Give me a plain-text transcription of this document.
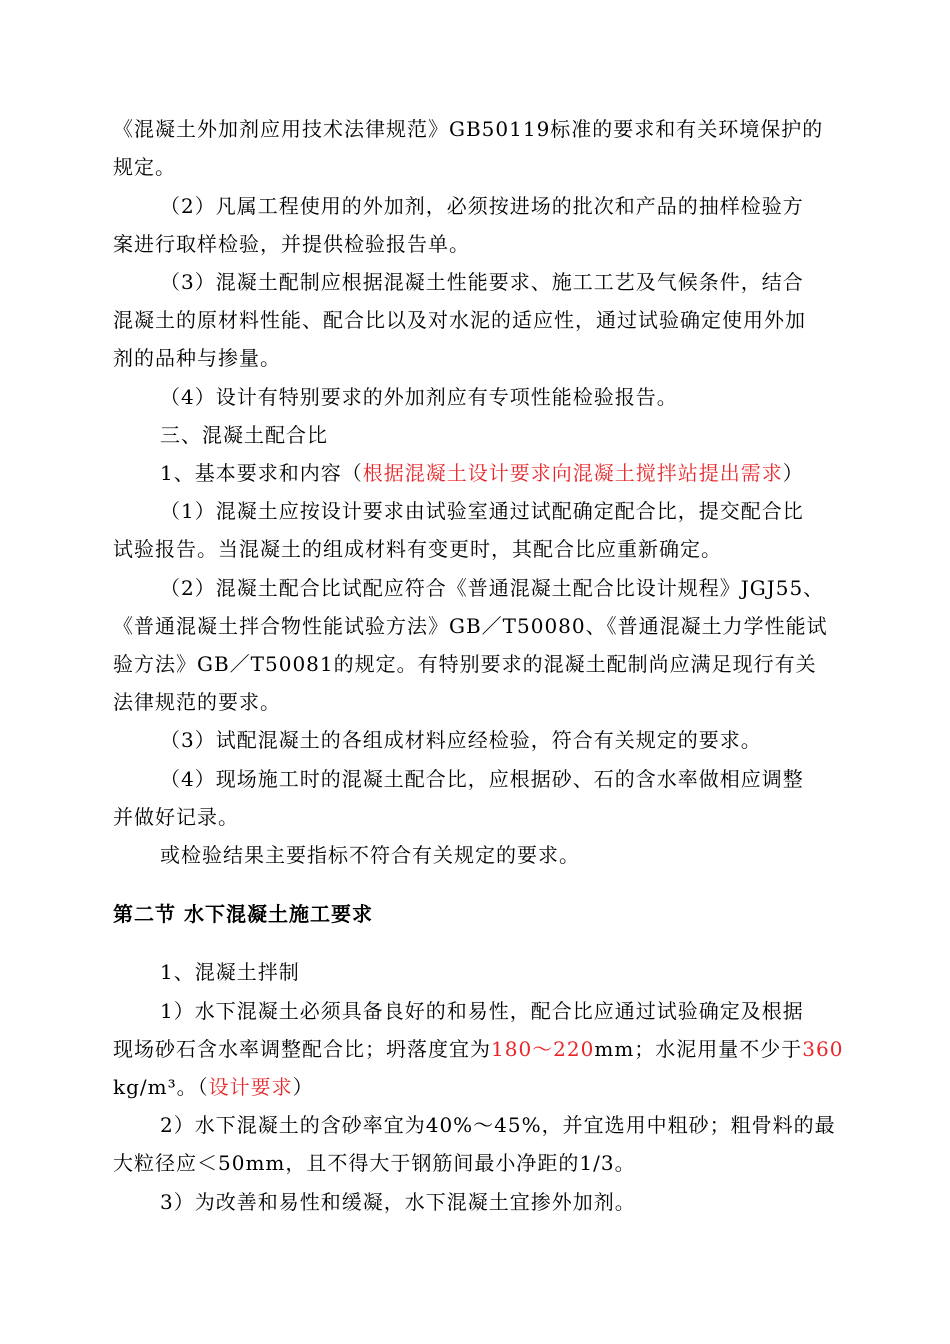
《混凝土外加剂应用技术法律规范》GB50119标准的要求和有关环境保护的
规定。
（2）凡属工程使用的外加剂，必须按进场的批次和产品的抽样检验方
案进行取样检验，并提供检验报告单。
（3）混凝土配制应根据混凝土性能要求、施工工艺及气候条件，结合
混凝土的原材料性能、配合比以及对水泥的适应性，通过试验确定使用外加
剂的品种与掺量。
（4）设计有特别要求的外加剂应有专项性能检验报告。
三、混凝土配合比
1、基本要求和内容（根据混凝土设计要求向混凝土搅拌站提出需求）
（1）混凝土应按设计要求由试验室通过试配确定配合比，提交配合比
试验报告。当混凝土的组成材料有变更时，其配合比应重新确定。
（2）混凝土配合比试配应符合《普通混凝土配合比设计规程》JGJ55、
《普通混凝土拌合物性能试验方法》GB／T50080、《普通混凝土力学性能试
验方法》GB／T50081的规定。有特别要求的混凝土配制尚应满足现行有关
法律规范的要求。
（3）试配混凝土的各组成材料应经检验，符合有关规定的要求。
（4）现场施工时的混凝土配合比，应根据砂、石的含水率做相应调整
并做好记录。
或检验结果主要指标不符合有关规定的要求。
第二节 水下混凝土施工要求
1、混凝土拌制
1）水下混凝土必须具备良好的和易性，配合比应通过试验确定及根据
现场砂石含水率调整配合比；坍落度宜为180～220mm；水泥用量不少于360
kg/m³。（设计要求）
2）水下混凝土的含砂率宜为40%～45%，并宜选用中粗砂；粗骨料的最
大粒径应＜50mm，且不得大于钢筋间最小净距的1/3。
3）为改善和易性和缓凝，水下混凝土宜掺外加剂。
